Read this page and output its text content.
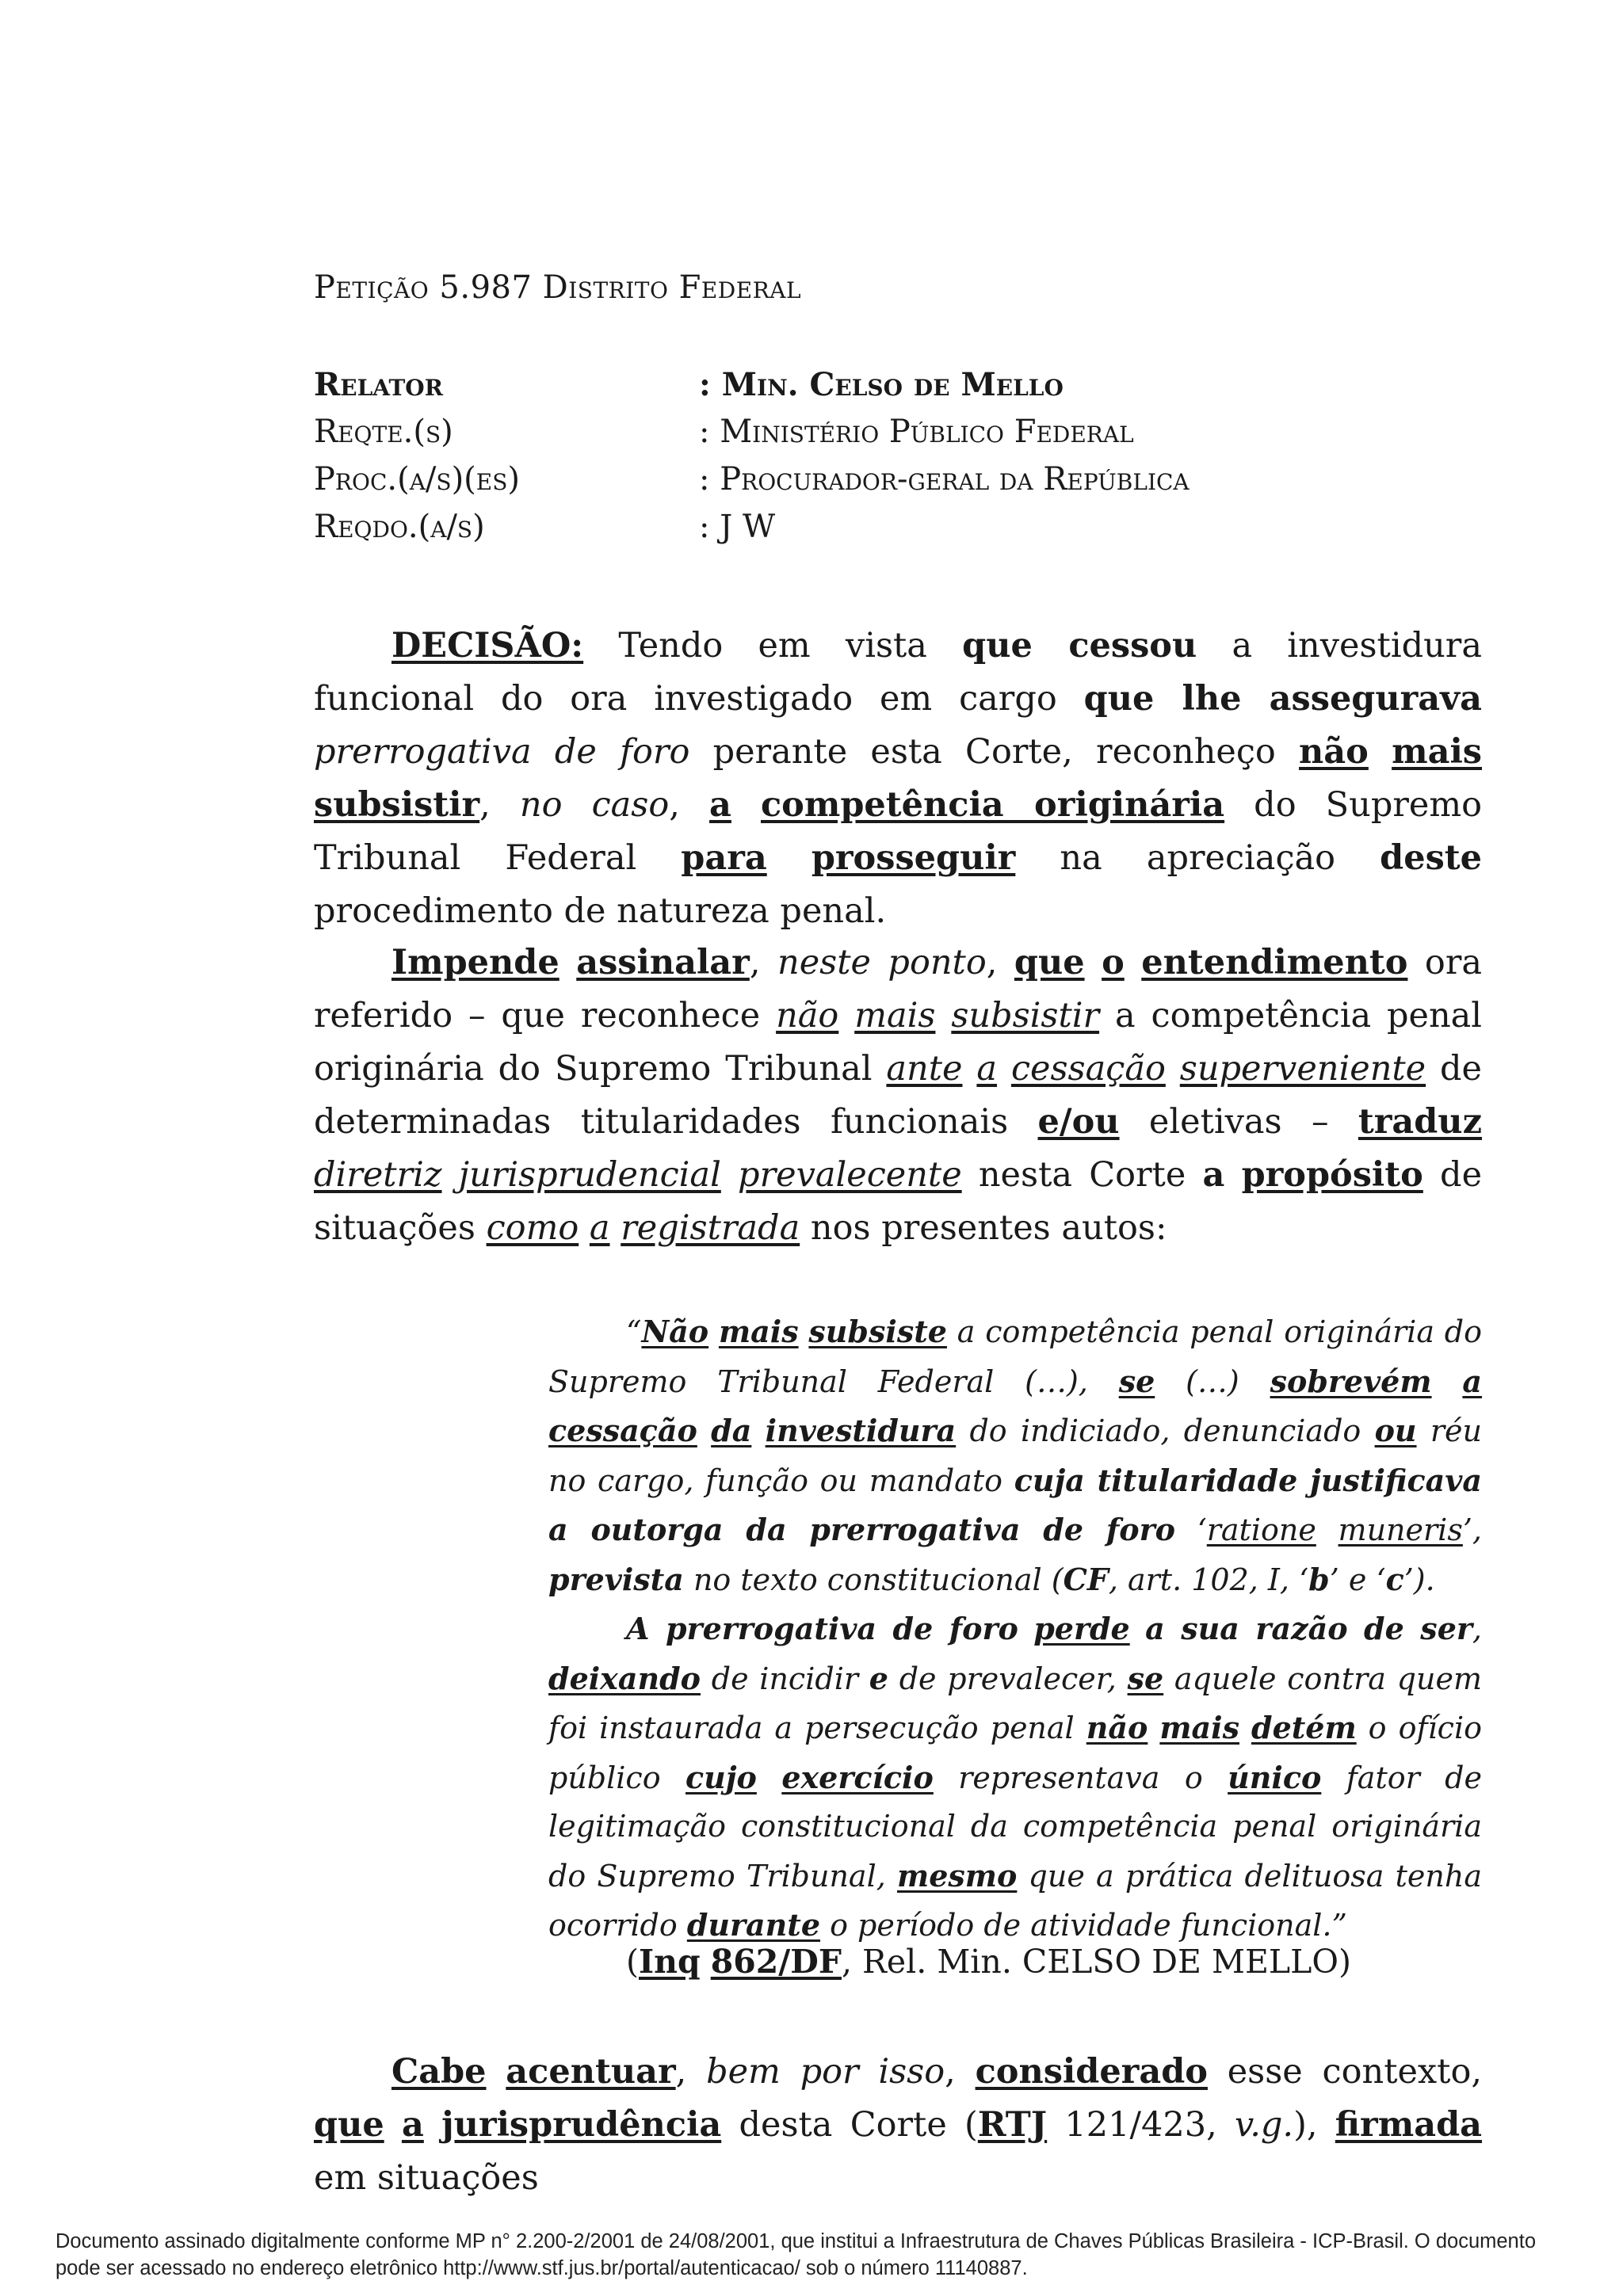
Petição 5.987 Distrito Federal
Relator	: Min. Celso de Mello
Reqte.(s)	: Ministério Público Federal
Proc.(a/s)(es)	: Procurador-geral da República
Reqdo.(a/s)	: J W

DECISÃO: Tendo em vista que cessou a investidura funcional do ora investigado em cargo que lhe assegurava prerrogativa de foro perante esta Corte, reconheço não mais subsistir, no caso, a competência originária do Supremo Tribunal Federal para prosseguir na apreciação deste procedimento de natureza penal.

Impende assinalar, neste ponto, que o entendimento ora referido – que reconhece não mais subsistir a competência penal originária do Supremo Tribunal ante a cessação superveniente de determinadas titularidades funcionais e/ou eletivas – traduz diretriz jurisprudencial prevalecente nesta Corte a propósito de situações como a registrada nos presentes autos:

“Não mais subsiste a competência penal originária do Supremo Tribunal Federal (…), se (…) sobrevém a cessação da investidura do indiciado, denunciado ou réu no cargo, função ou mandato cuja titularidade justificava a outorga da prerrogativa de foro ‘ratione muneris’, prevista no texto constitucional (CF, art. 102, I, ‘b’ e ‘c’).

A prerrogativa de foro perde a sua razão de ser, deixando de incidir e de prevalecer, se aquele contra quem foi instaurada a persecução penal não mais detém o ofício público cujo exercício representava o único fator de legitimação constitucional da competência penal originária do Supremo Tribunal, mesmo que a prática delituosa tenha ocorrido durante o período de atividade funcional.”

(Inq 862/DF, Rel. Min. CELSO DE MELLO)

Cabe acentuar, bem por isso, considerado esse contexto, que a jurisprudência desta Corte (RTJ 121/423, v.g.), firmada em situações

Documento assinado digitalmente conforme MP n° 2.200-2/2001 de 24/08/2001, que institui a Infraestrutura de Chaves Públicas Brasileira - ICP-Brasil. O documento pode ser acessado no endereço eletrônico http://www.stf.jus.br/portal/autenticacao/ sob o número 11140887.
